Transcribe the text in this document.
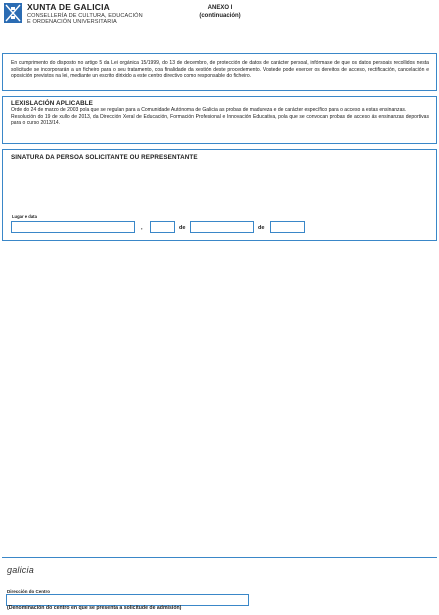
XUNTA DE GALICIA
CONSELLERÍA DE CULTURA, EDUCACIÓN
E ORDENACIÓN UNIVERSITARIA
ANEXO I
(continuación)

En cumprimento do disposto no artigo 5 da Lei orgánica 15/1999, do 13 de decembro, de protección de datos de carácter persoal, infórmase de que os datos persoais recollidos nesta solicitude se incorporarán a un ficheiro para o seu tratamento, coa finalidade da xestión deste procedemento. Vostede pode exercer os dereitos de acceso, rectificación, cancelación e oposición previstos na lei, mediante un escrito dirixido a este centro directivo como responsable do ficheiro.

LEXISLACIÓN APLICABLE

Orde do 24 de marzo de 2003 pola que se regulan para a Comunidade Autónoma de Galicia as probas de madureza e de carácter específico para o acceso a estas ensinanzas.

Resolución do 19 de xullo de 2013, da Dirección Xeral de Educación, Formación Profesional e Innovación Educativa, pola que se convocan probas de acceso ás ensinanzas deportivas para o curso 2013/14.

SINATURA DA PERSOA SOLICITANTE OU REPRESENTANTE
Lugar e data
,	de	de
galicia
Dirección do Centro
(Denominación do centro en que se presenta a solicitude de admisión)
